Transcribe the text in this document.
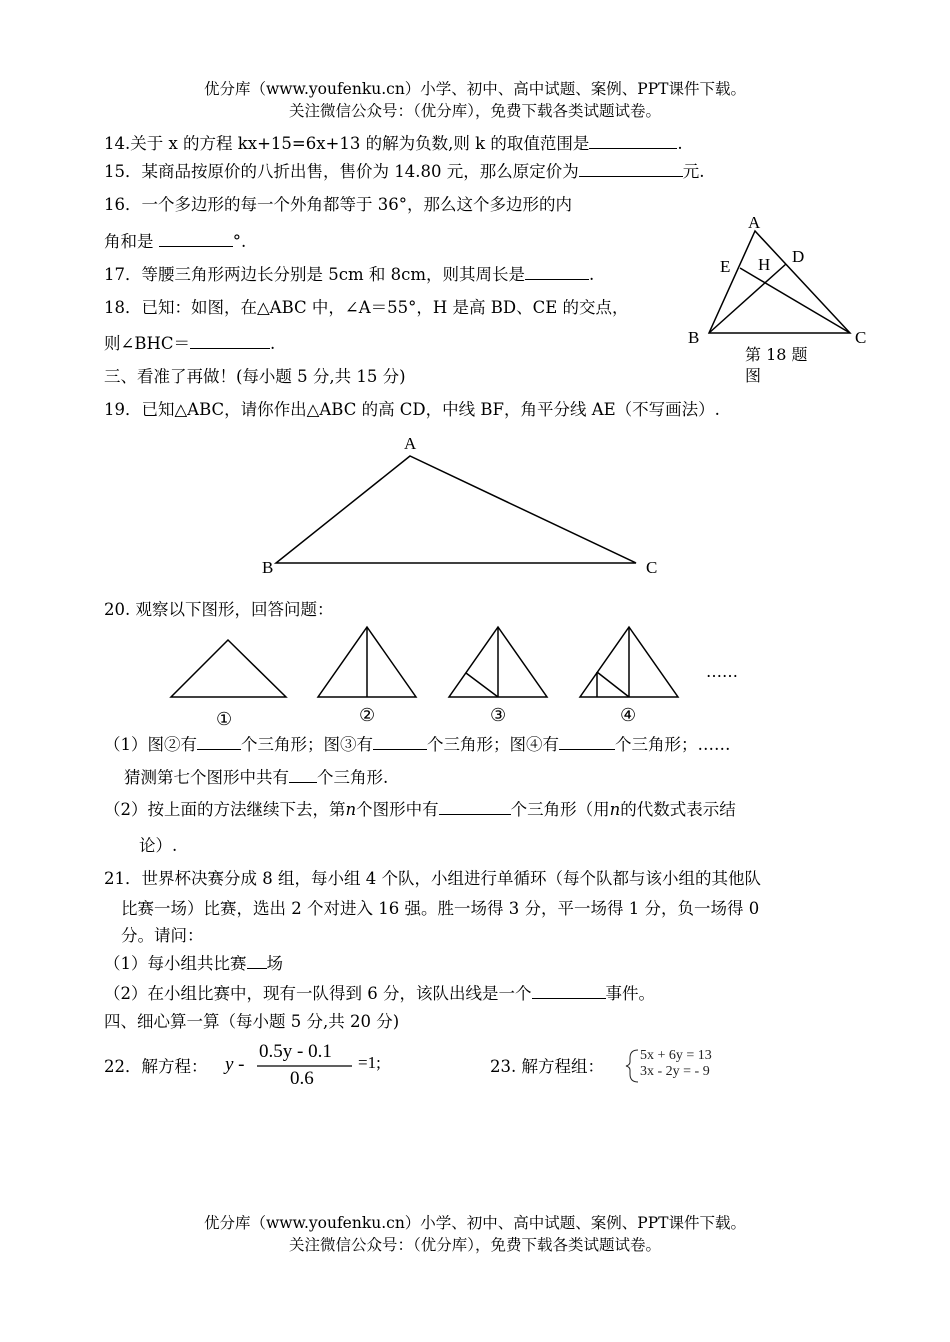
优分库（www.youfenku.cn）小学、初中、高中试题、案例、PPT课件下载。
关注微信公众号：（优分库），免费下载各类试题试卷。
14.关于 x 的方程 kx+15=6x+13 的解为负数,则 k 的取值范围是	.
15．某商品按原价的八折出售，售价为 14.80 元，那么原定价为	元.
16．一个多边形的每一个外角都等于 36°，那么这个多边形的内
角和是	°.
17．等腰三角形两边长分别是 5cm 和 8cm，则其周长是	.
18．已知：如图，在△ABC 中，∠A＝55°，H 是高 BD、CE 的交点，
则∠BHC＝	.
A
B	C
D
E H
第 18 题
图
三、看准了再做！(每小题 5 分,共 15 分)
19．已知△ABC，请你作出△ABC 的高 CD，中线 BF，角平分线 AE（不写画法）.
A
B	C
20. 观察以下图形，回答问题：
①	②	③	④
……
（1）图②有	个三角形；图③有	个三角形；图④有	个三角形；……
猜测第七个图形中共有 个三角形.
（2）按上面的方法继续下去，第n个图形中有	个三角形（用n的代数式表示结
论）.
21．世界杯决赛分成 8 组，每小组 4 个队，小组进行单循环（每个队都与该小组的其他队
比赛一场）比赛，选出 2 个对进入 16 强。胜一场得 3 分，平一场得 1 分，负一场得 0
分。请问：
（1）每小组共比赛 场
（2）在小组比赛中，现有一队得到 6 分，该队出线是一个	事件。
四、细心算一算（每小题 5 分,共 20 分)
22．解方程： y -
0.5y - 0.1
0.6
=1;	23. 解方程组：
5x + 6y = 13
3x - 2y = - 9
优分库（www.youfenku.cn）小学、初中、高中试题、案例、PPT课件下载。
关注微信公众号：（优分库），免费下载各类试题试卷。
